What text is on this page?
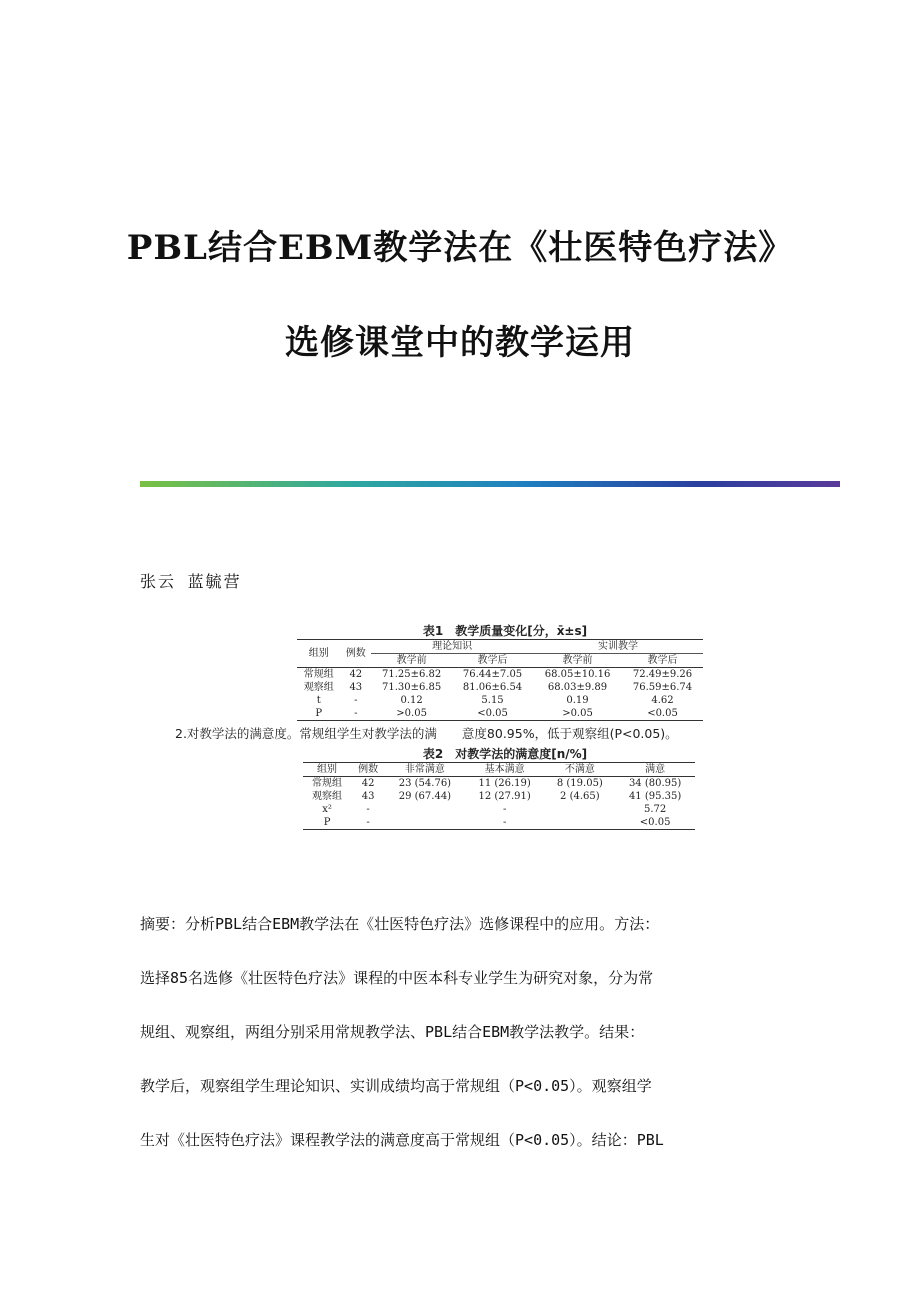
PBL结合EBM教学法在《壮医特色疗法》
选修课堂中的教学运用
张云 蓝毓营
表1　教学质量变化[分，x̄±s]
组别	例数	理论知识		实训教学	
		教学前	教学后	教学前	教学后
常规组	42	71.25±6.82	76.44±7.05	68.05±10.16	72.49±9.26
观察组	43	71.30±6.85	81.06±6.54	68.03±9.89	76.59±6.74
t	-	0.12	5.15	0.19	4.62
P	-	>0.05	<0.05	>0.05	<0.05
2.对教学法的满意度。常规组学生对教学法的满　　意度80.95%，低于观察组(P<0.05)。
表2　对教学法的满意度[n/%]
组别	例数	非常满意	基本满意	不满意	满意
常规组	42	23 (54.76)	11 (26.19)	8 (19.05)	34 (80.95)
观察组	43	29 (67.44)	12 (27.91)	2 (4.65)	41 (95.35)
x²	-		-		5.72
P	-		-		<0.05

摘要：分析PBL结合EBM教学法在《壮医特色疗法》选修课程中的应用。方法：

选择85名选修《壮医特色疗法》课程的中医本科专业学生为研究对象，分为常

规组、观察组，两组分别采用常规教学法、PBL结合EBM教学法教学。结果：

教学后，观察组学生理论知识、实训成绩均高于常规组（P<0.05）。观察组学

生对《壮医特色疗法》课程教学法的满意度高于常规组（P<0.05）。结论：PBL
